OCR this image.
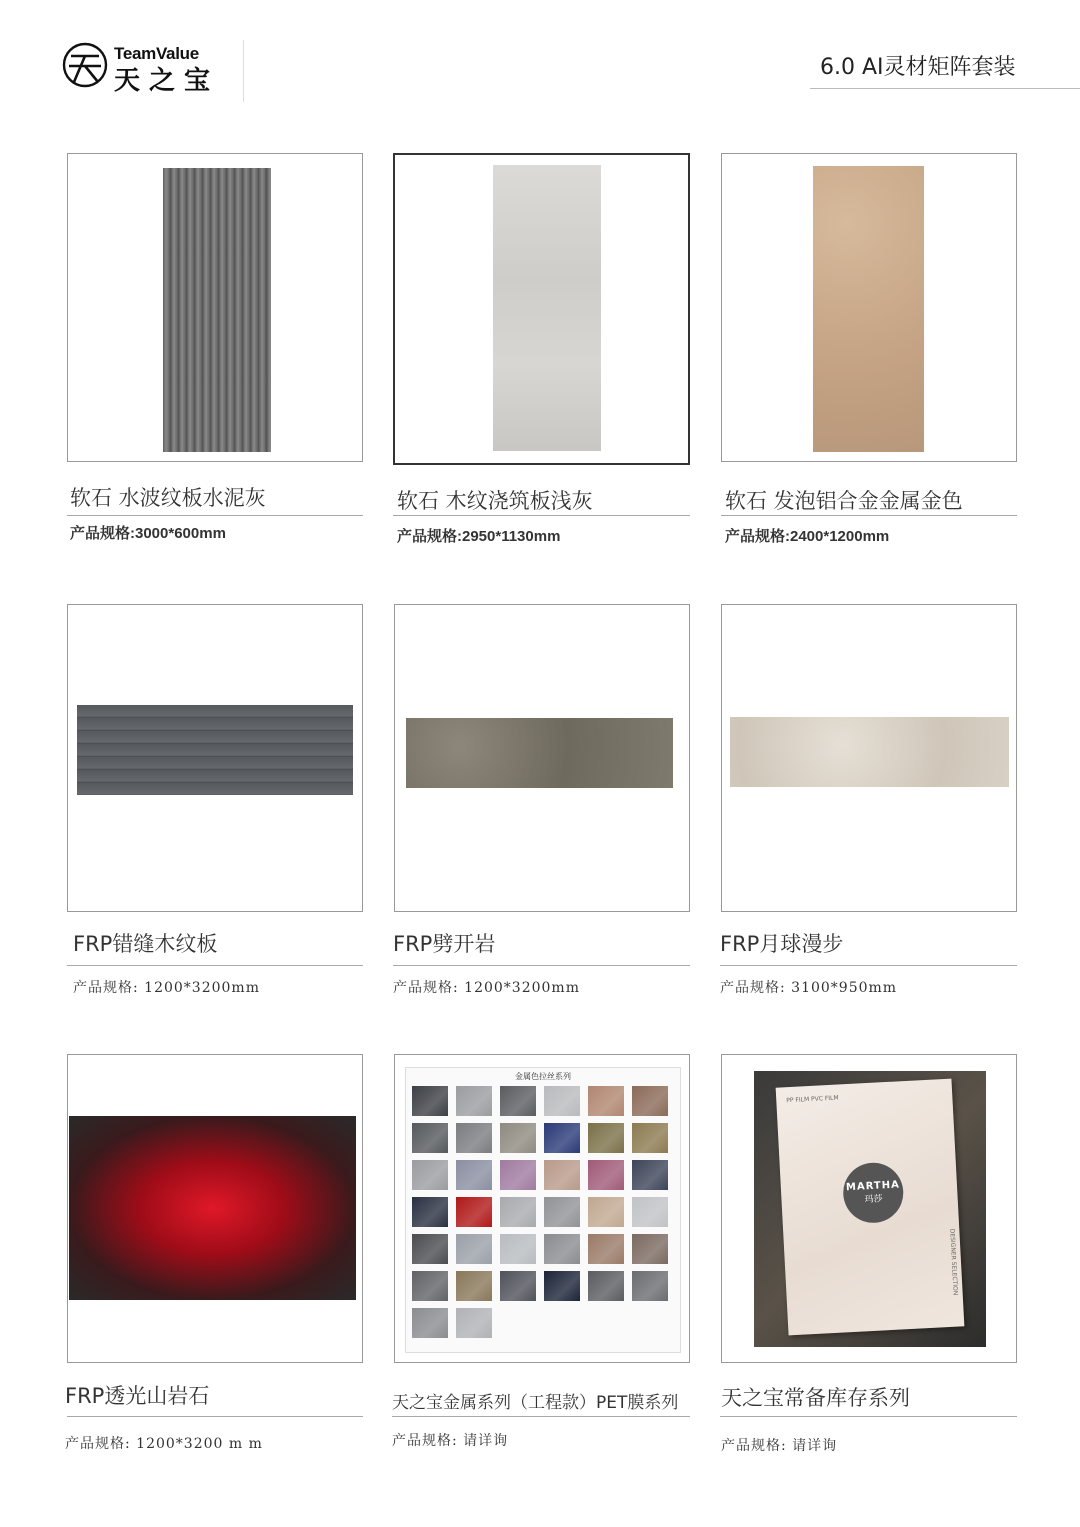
TeamValue
天之宝	6.0 AI灵材矩阵套装
软石 水波纹板水泥灰
产品规格:3000*600mm
软石 木纹浇筑板浅灰
产品规格:2950*1130mm
软石 发泡铝合金金属金色
产品规格:2400*1200mm
FRP错缝木纹板
产品规格: 1200*3200mm
FRP劈开岩
产品规格: 1200*3200mm
FRP月球漫步
产品规格: 3100*950mm
FRP透光山岩石
产品规格: 1200*3200 m m
金属色拉丝系列
天之宝金属系列（工程款）PET膜系列
产品规格: 请详询
PP FILM PVC FILM
MARTHA
玛莎
DESIGNER SELECTION
天之宝常备库存系列
产品规格: 请详询
